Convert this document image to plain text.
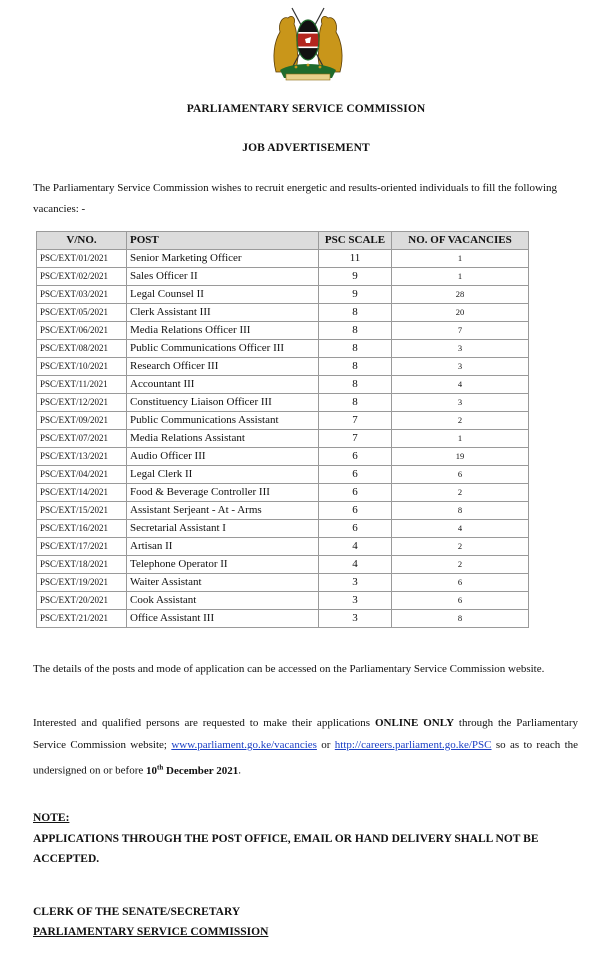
PARLIAMENTARY SERVICE COMMISSION
JOB ADVERTISEMENT
The Parliamentary Service Commission wishes to recruit energetic and results-oriented individuals to fill the following vacancies: -
V/NO.	POST	PSC SCALE	NO. OF VACANCIES
PSC/EXT/01/2021	Senior Marketing Officer	11	1
PSC/EXT/02/2021	Sales Officer II	9	1
PSC/EXT/03/2021	Legal Counsel II	9	28
PSC/EXT/05/2021	Clerk Assistant III	8	20
PSC/EXT/06/2021	Media Relations Officer III	8	7
PSC/EXT/08/2021	Public Communications Officer III	8	3
PSC/EXT/10/2021	Research Officer III	8	3
PSC/EXT/11/2021	Accountant III	8	4
PSC/EXT/12/2021	Constituency Liaison Officer III	8	3
PSC/EXT/09/2021	Public Communications Assistant	7	2
PSC/EXT/07/2021	Media Relations Assistant	7	1
PSC/EXT/13/2021	Audio Officer III	6	19
PSC/EXT/04/2021	Legal Clerk II	6	6
PSC/EXT/14/2021	Food & Beverage Controller III	6	2
PSC/EXT/15/2021	Assistant Serjeant - At - Arms	6	8
PSC/EXT/16/2021	Secretarial Assistant I	6	4
PSC/EXT/17/2021	Artisan II	4	2
PSC/EXT/18/2021	Telephone Operator II	4	2
PSC/EXT/19/2021	Waiter Assistant	3	6
PSC/EXT/20/2021	Cook Assistant	3	6
PSC/EXT/21/2021	Office Assistant III	3	8
The details of the posts and mode of application can be accessed on the Parliamentary Service Commission website.
Interested and qualified persons are requested to make their applications ONLINE ONLY through the Parliamentary Service Commission website; www.parliament.go.ke/vacancies or http://careers.parliament.go.ke/PSC so as to reach the undersigned on or before 10th December 2021.
NOTE:
APPLICATIONS THROUGH THE POST OFFICE, EMAIL OR HAND DELIVERY SHALL NOT BE ACCEPTED.
CLERK OF THE SENATE/SECRETARY
PARLIAMENTARY SERVICE COMMISSION
